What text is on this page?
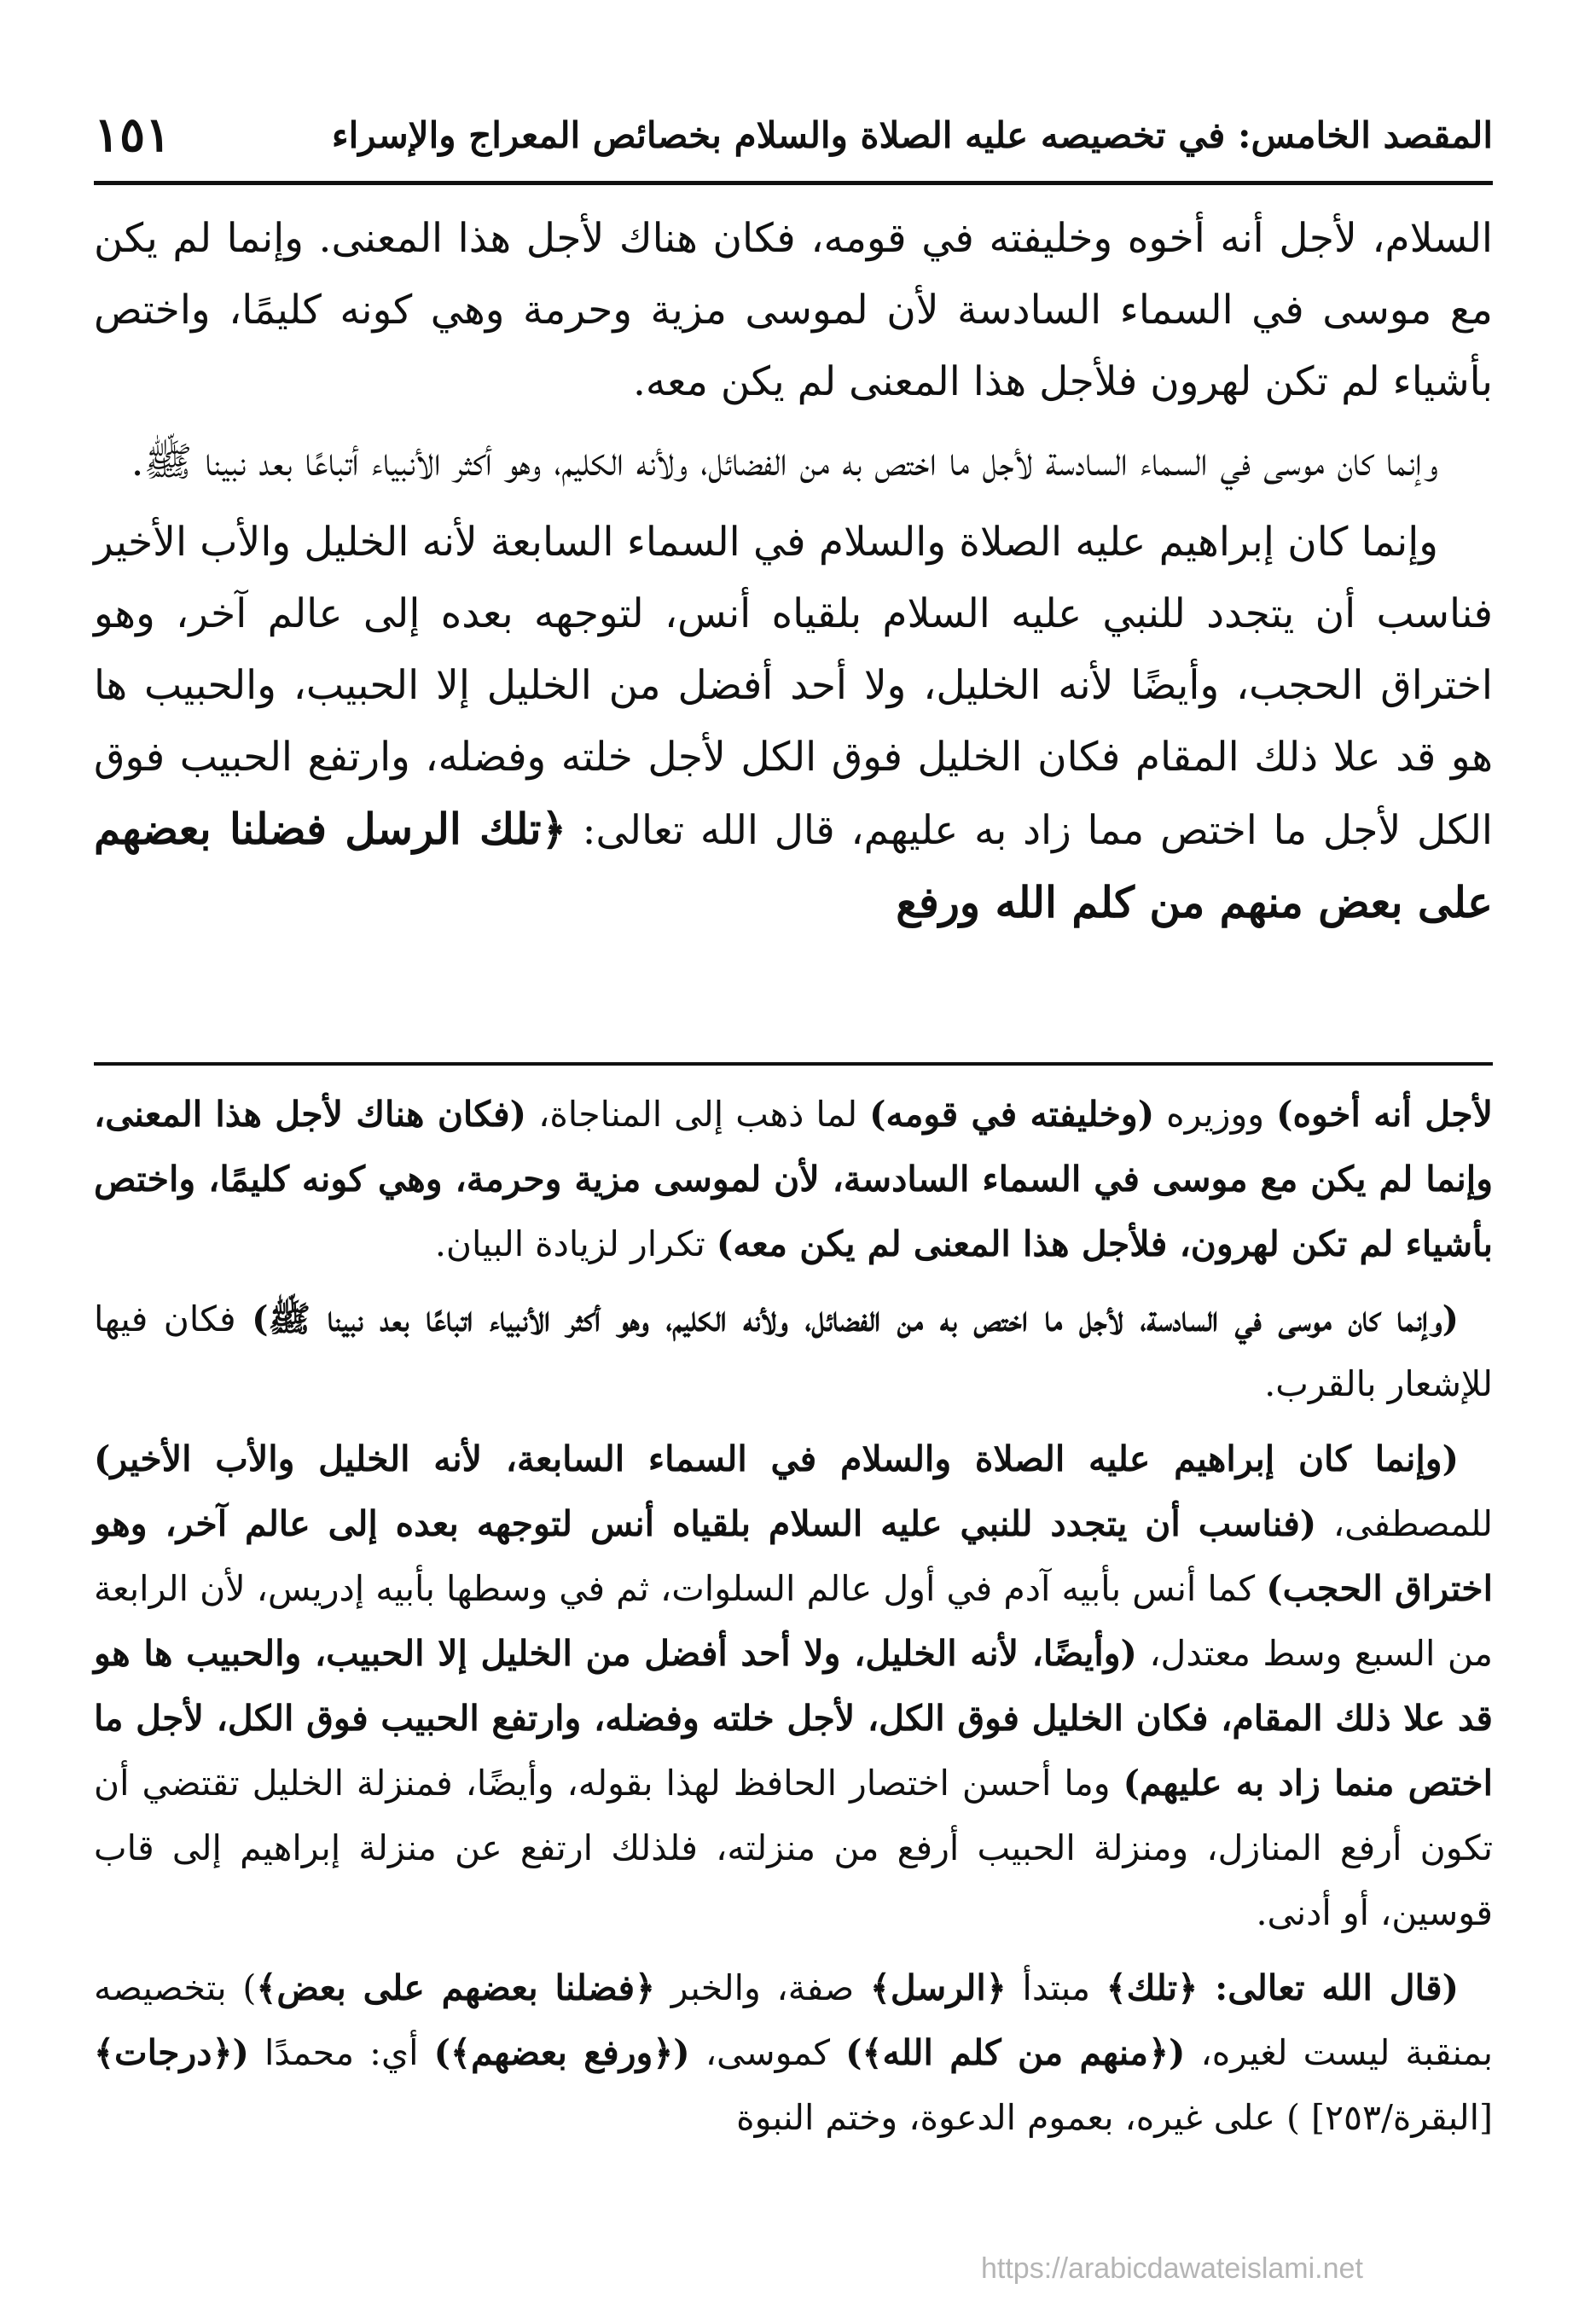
المقصد الخامس: في تخصيصه عليه الصلاة والسلام بخصائص المعراج والإسراء
١٥١

السلام، لأجل أنه أخوه وخليفته في قومه، فكان هناك لأجل هذا المعنى. وإنما لم يكن مع موسى في السماء السادسة لأن لموسى مزية وحرمة وهي كونه كليمًا، واختص بأشياء لم تكن لهرون فلأجل هذا المعنى لم يكن معه.

وإنما كان موسى في السماء السادسة لأجل ما اختص به من الفضائل، ولأنه الكليم، وهو أكثر الأنبياء أتباعًا بعد نبينا ﷺ.

وإنما كان إبراهيم عليه الصلاة والسلام في السماء السابعة لأنه الخليل والأب الأخير فناسب أن يتجدد للنبي عليه السلام بلقياه أنس، لتوجهه بعده إلى عالم آخر، وهو اختراق الحجب، وأيضًا لأنه الخليل، ولا أحد أفضل من الخليل إلا الحبيب، والحبيب ها هو قد علا ذلك المقام فكان الخليل فوق الكل لأجل خلته وفضله، وارتفع الحبيب فوق الكل لأجل ما اختص مما زاد به عليهم، قال الله تعالى: ﴿تلك الرسل فضلنا بعضهم على بعض منهم من كلم الله ورفع

لأجل أنه أخوه) ووزيره (وخليفته في قومه) لما ذهب إلى المناجاة، (فكان هناك لأجل هذا المعنى، وإنما لم يكن مع موسى في السماء السادسة، لأن لموسى مزية وحرمة، وهي كونه كليمًا، واختص بأشياء لم تكن لهرون، فلأجل هذا المعنى لم يكن معه) تكرار لزيادة البيان.

(وإنما كان موسى في السادسة، لأجل ما اختص به من الفضائل، ولأنه الكليم، وهو أكثر الأنبياء اتباعًا بعد نبينا ﷺ) فكان فيها للإشعار بالقرب.

(وإنما كان إبراهيم عليه الصلاة والسلام في السماء السابعة، لأنه الخليل والأب الأخير) للمصطفى، (فناسب أن يتجدد للنبي عليه السلام بلقياه أنس لتوجهه بعده إلى عالم آخر، وهو اختراق الحجب) كما أنس بأبيه آدم في أول عالم السلوات، ثم في وسطها بأبيه إدريس، لأن الرابعة من السبع وسط معتدل، (وأيضًا، لأنه الخليل، ولا أحد أفضل من الخليل إلا الحبيب، والحبيب ها هو قد علا ذلك المقام، فكان الخليل فوق الكل، لأجل خلته وفضله، وارتفع الحبيب فوق الكل، لأجل ما اختص منما زاد به عليهم) وما أحسن اختصار الحافظ لهذا بقوله، وأيضًا، فمنزلة الخليل تقتضي أن تكون أرفع المنازل، ومنزلة الحبيب أرفع من منزلته، فلذلك ارتفع عن منزلة إبراهيم إلى قاب قوسين، أو أدنى.

(قال الله تعالى: ﴿تلك﴾ مبتدأ ﴿الرسل﴾ صفة، والخبر ﴿فضلنا بعضهم على بعض﴾) بتخصيصه بمنقبة ليست لغيره، (﴿منهم من كلم الله﴾) كموسى، (﴿ورفع بعضهم﴾) أي: محمدًا (﴿درجات﴾ [البقرة/٢٥٣] ) على غيره، بعموم الدعوة، وختم النبوة

https://arabicdawateislami.net
